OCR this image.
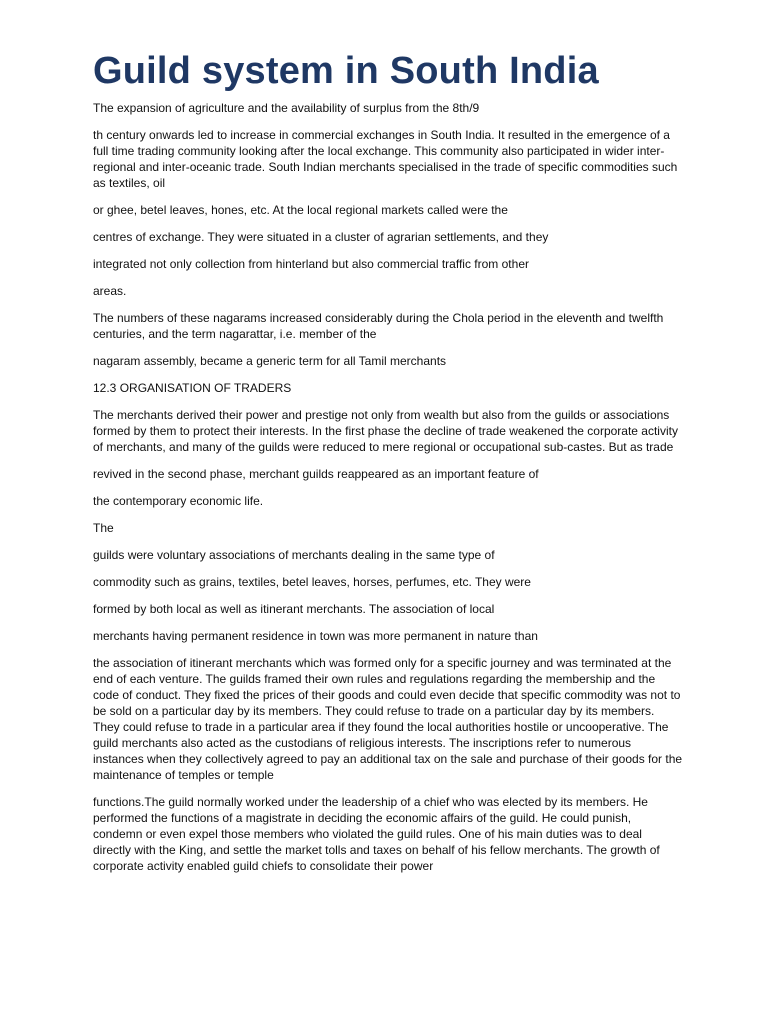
Guild system in South India

The expansion of agriculture and the availability of surplus from the 8th/9

th century onwards led to increase in commercial exchanges in South India. It resulted in the emergence of a full time trading community looking after the local exchange. This community also participated in wider inter-regional and inter-oceanic trade. South Indian merchants specialised in the trade of specific commodities such as textiles, oil

or ghee, betel leaves, hones, etc. At the local regional markets called were the

centres of exchange. They were situated in a cluster of agrarian settlements, and they

integrated not only collection from hinterland but also commercial traffic from other

areas.

The numbers of these nagarams increased considerably during the Chola period in the eleventh and twelfth centuries, and the term nagarattar, i.e. member of the

nagaram assembly, became a generic term for all Tamil merchants

12.3 ORGANISATION OF TRADERS

The merchants derived their power and prestige not only from wealth but also from the guilds or associations formed by them to protect their interests. In the first phase the decline of trade weakened the corporate activity of merchants, and many of the guilds were reduced to mere regional or occupational sub-castes. But as trade

revived in the second phase, merchant guilds reappeared as an important feature of

the contemporary economic life.

The

guilds were voluntary associations of merchants dealing in the same type of

commodity such as grains, textiles, betel leaves, horses, perfumes, etc. They were

formed by both local as well as itinerant merchants. The association of local

merchants having permanent residence in town was more permanent in nature than

the association of itinerant merchants which was formed only for a specific journey and was terminated at the end of each venture. The guilds framed their own rules and regulations regarding the membership and the code of conduct. They fixed the prices of their goods and could even decide that specific commodity was not to be sold on a particular day by its members. They could refuse to trade on a particular day by its members. They could refuse to trade in a particular area if they found the local authorities hostile or uncooperative. The guild merchants also acted as the custodians of religious interests. The inscriptions refer to numerous instances when they collectively agreed to pay an additional tax on the sale and purchase of their goods for the maintenance of temples or temple

functions.The guild normally worked under the leadership of a chief who was elected by its members. He performed the functions of a magistrate in deciding the economic affairs of the guild. He could punish, condemn or even expel those members who violated the guild rules. One of his main duties was to deal directly with the King, and settle the market tolls and taxes on behalf of his fellow merchants. The growth of corporate activity enabled guild chiefs to consolidate their power
